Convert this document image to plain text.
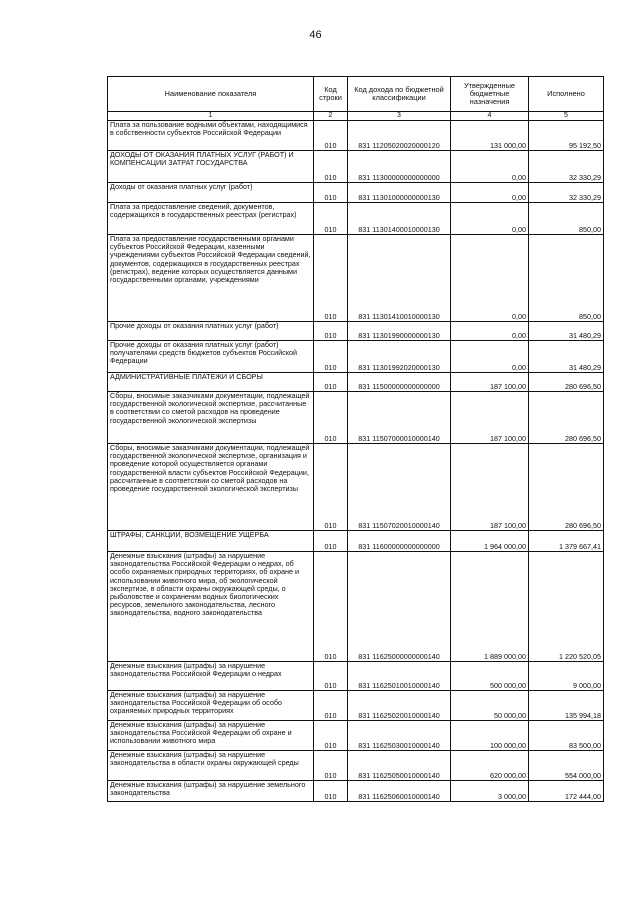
46
Наименование показателя	Код строки	Код дохода по бюджетной классификации	Утвержденные бюджетные назначения	Исполнено
1	2	3	4	5
Плата за пользование водными объектами, находящимися в собственности субъектов Российской Федерации	010	831 11205020020000120	131 000,00	95 192,50
ДОХОДЫ ОТ ОКАЗАНИЯ ПЛАТНЫХ УСЛУГ (РАБОТ) И КОМПЕНСАЦИИ ЗАТРАТ ГОСУДАРСТВА	010	831 11300000000000000	0,00	32 330,29
Доходы от оказания платных услуг (работ)	010	831 11301000000000130	0,00	32 330,29
Плата за предоставление сведений, документов, содержащихся в государственных реестрах (регистрах)	010	831 11301400010000130	0,00	850,00
Плата за предоставление государственными органами субъектов Российской Федерации, казенными учреждениями субъектов Российской Федерации сведений, документов, содержащихся в государственных реестрах (регистрах), ведение которых осуществляется данными государственными органами, учреждениями	010	831 11301410010000130	0,00	850,00
Прочие доходы от оказания платных услуг (работ)	010	831 11301990000000130	0,00	31 480,29
Прочие доходы от оказания платных услуг (работ) получателями средств бюджетов субъектов Российской Федерации	010	831 11301992020000130	0,00	31 480,29
АДМИНИСТРАТИВНЫЕ ПЛАТЕЖИ И СБОРЫ	010	831 11500000000000000	187 100,00	280 696,50
Сборы, вносимые заказчиками документации, подлежащей государственной экологической экспертизе, рассчитанные в соответствии со сметой расходов на проведение государственной экологической экспертизы	010	831 11507000010000140	187 100,00	280 696,50
Сборы, вносимые заказчиками документации, подлежащей государственной экологической экспертизе, организация и проведение которой осуществляется органами государственной власти субъектов Российской Федерации, рассчитанные в соответствии со сметой расходов на проведение государственной экологической экспертизы	010	831 11507020010000140	187 100,00	280 696,50
ШТРАФЫ, САНКЦИИ, ВОЗМЕЩЕНИЕ УЩЕРБА	010	831 11600000000000000	1 964 000,00	1 379 667,41
Денежные взыскания (штрафы) за нарушение законодательства Российской Федерации о недрах, об особо охраняемых природных территориях, об охране и использовании животного мира, об экологической экспертизе, в области охраны окружающей среды, о рыболовстве и сохранении водных биологических ресурсов, земельного законодательства, лесного законодательства, водного законодательства	010	831 11625000000000140	1 889 000,00	1 220 520,05
Денежные взыскания (штрафы) за нарушение законодательства Российской Федерации о недрах	010	831 11625010010000140	500 000,00	9 000,00
Денежные взыскания (штрафы) за нарушение законодательства Российской Федерации об особо охраняемых природных территориях	010	831 11625020010000140	50 000,00	135 994,18
Денежные взыскания (штрафы) за нарушение законодательства Российской Федерации об охране и использовании животного мира	010	831 11625030010000140	100 000,00	83 500,00
Денежные взыскания (штрафы) за нарушение законодательства в области охраны окружающей среды	010	831 11625050010000140	620 000,00	554 000,00
Денежные взыскания (штрафы) за нарушение земельного законодательства	010	831 11625060010000140	3 000,00	172 444,00
